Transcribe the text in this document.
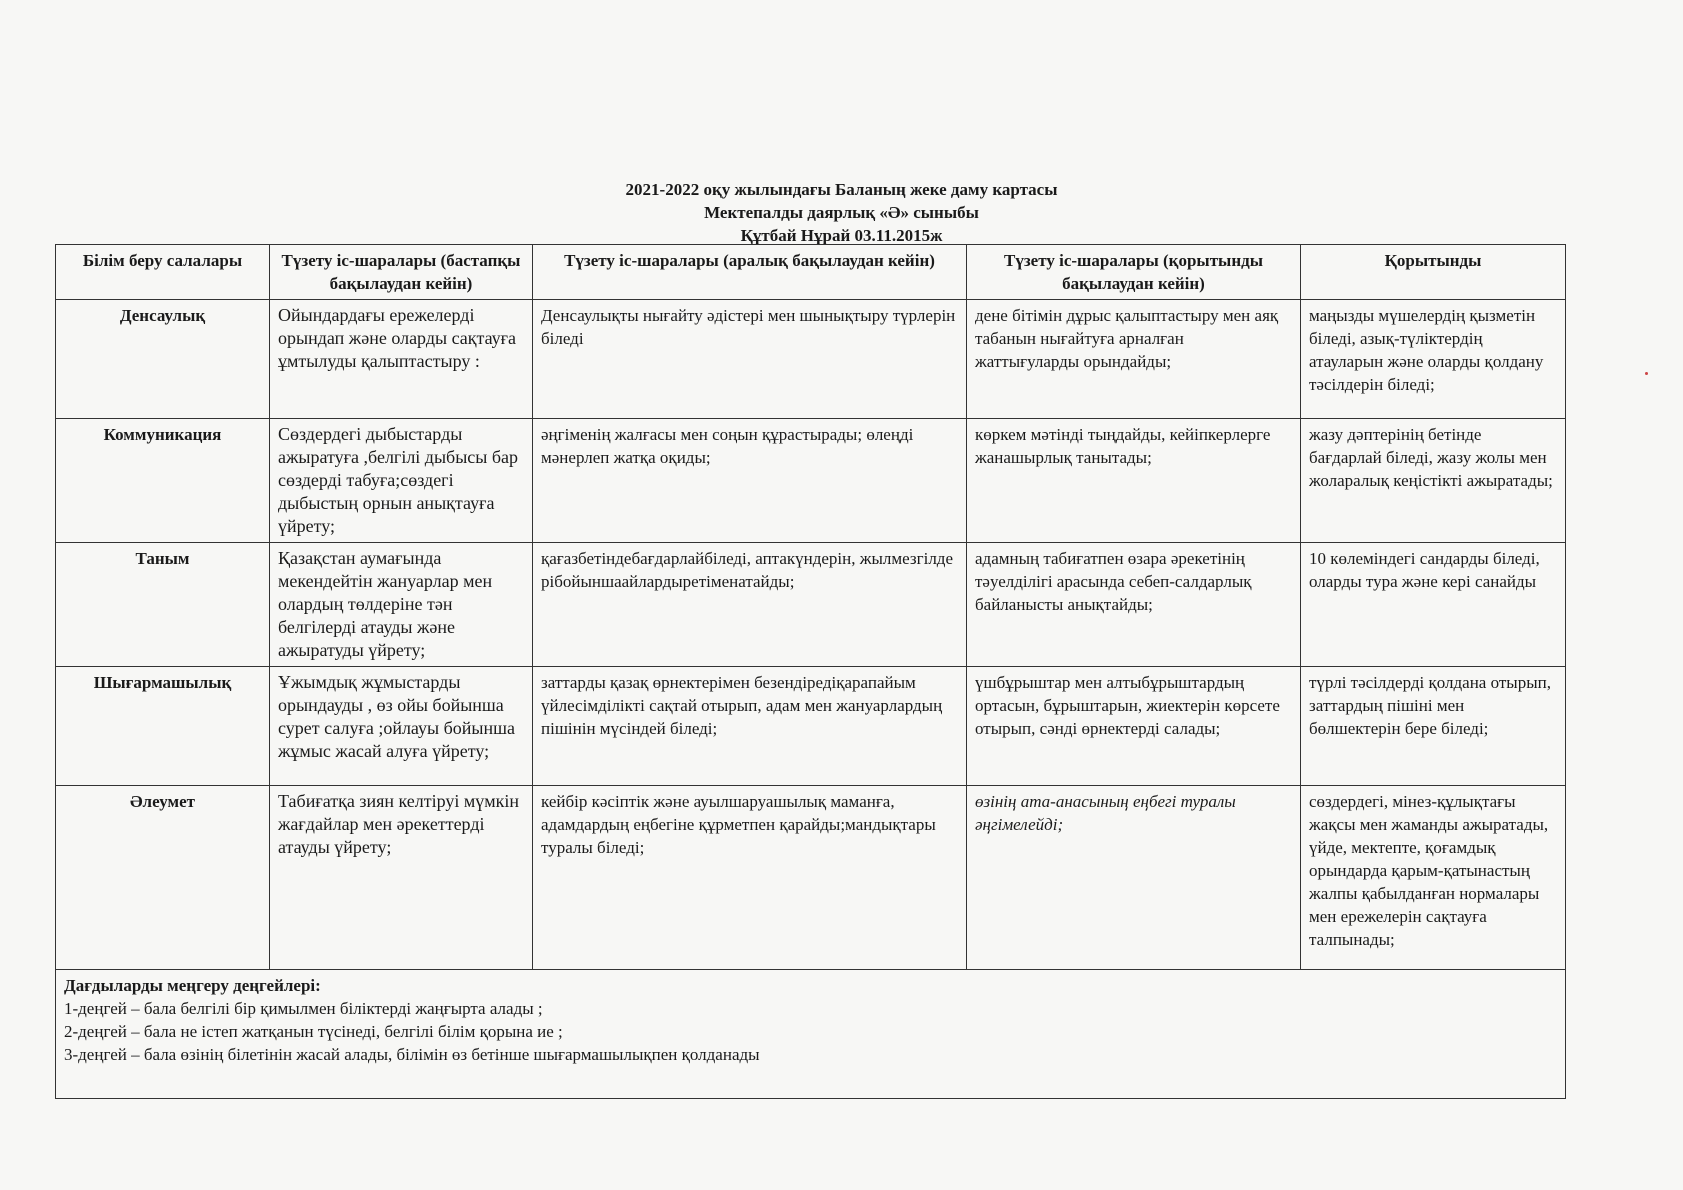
2021-2022 оқу жылындағы Баланың жеке даму картасы
Мектепалды даярлық «Ә» сыныбы
Құтбай Нұрай 03.11.2015ж
Білім беру салалары	Түзету іс-шаралары (бастапқы бақылаудан кейін)	Түзету іс-шаралары (аралық бақылаудан кейін)	Түзету іс-шаралары (қорытынды бақылаудан кейін)	Қорытынды
Денсаулық	Ойындардағы ережелерді орындап және оларды сақтауға ұмтылуды қалыптастыру :	Денсаулықты нығайту әдістері мен шынықтыру түрлерін біледі	дене бітімін дұрыс қалыптастыру мен аяқ табанын нығайтуға арналған жаттығуларды орындайды;	маңызды мүшелердің қызметін біледі, азық-түліктердің атауларын және оларды қолдану тәсілдерін біледі;
Коммуникация	Сөздердегі дыбыстарды ажыратуға ,белгілі дыбысы бар сөздерді табуға;сөздегі дыбыстың орнын анықтауға үйрету;	әңгіменің жалғасы мен соңын құрастырады; өлеңді мәнерлеп жатқа оқиды;	көркем мәтінді тыңдайды, кейіпкерлерге жанашырлық танытады;	жазу дәптерінің бетінде бағдарлай біледі, жазу жолы мен жоларалық кеңістікті ажыратады;
Таным	Қазақстан аумағында мекендейтін жануарлар мен олардың төлдеріне тән белгілерді атауды және ажыратуды үйрету;	қағазбетіндебағдарлайбіледі, аптакүндерін, жылмезгілдерібойыншаайлардыретіменатайды;	адамның табиғатпен өзара әрекетінің тәуелділігі арасында себеп-салдарлық байланысты анықтайды;	10 көлеміндегі сандарды біледі, оларды тура және кері санайды
Шығармашылық	Ұжымдық жұмыстарды орындауды , өз ойы бойынша сурет салуға ;ойлауы бойынша жұмыс жасай алуға үйрету;	заттарды қазақ өрнектерімен безендіредіқарапайым үйлесімділікті сақтай отырып, адам мен жануарлардың пішінін мүсіндей біледі;	үшбұрыштар мен алтыбұрыштардың ортасын, бұрыштарын, жиектерін көрсете отырып, сәнді өрнектерді салады;	түрлі тәсілдерді қолдана отырып, заттардың пішіні мен бөлшектерін бере біледі;
Әлеумет	Табиғатқа зиян келтіруі мүмкін жағдайлар мен әрекеттерді атауды үйрету;	кейбір кәсіптік және ауылшаруашылық маманға, адамдардың еңбегіне құрметпен қарайды;мандықтары туралы біледі;	өзінің ата-анасының еңбегі туралы әңгімелейді;	сөздердегі, мінез-құлықтағы жақсы мен жаманды ажыратады, үйде, мектепте, қоғамдық орындарда қарым-қатынастың жалпы қабылданған нормалары мен ережелерін сақтауға талпынады;

Дағдыларды меңгеру деңгейлері:
1-деңгей – бала белгілі бір қимылмен біліктерді жаңғырта алады ;
2-деңгей – бала не істеп жатқанын түсінеді, белгілі білім қорына ие ;
3-деңгей – бала өзінің білетінін жасай алады, білімін өз бетінше шығармашылықпен қолданады				
